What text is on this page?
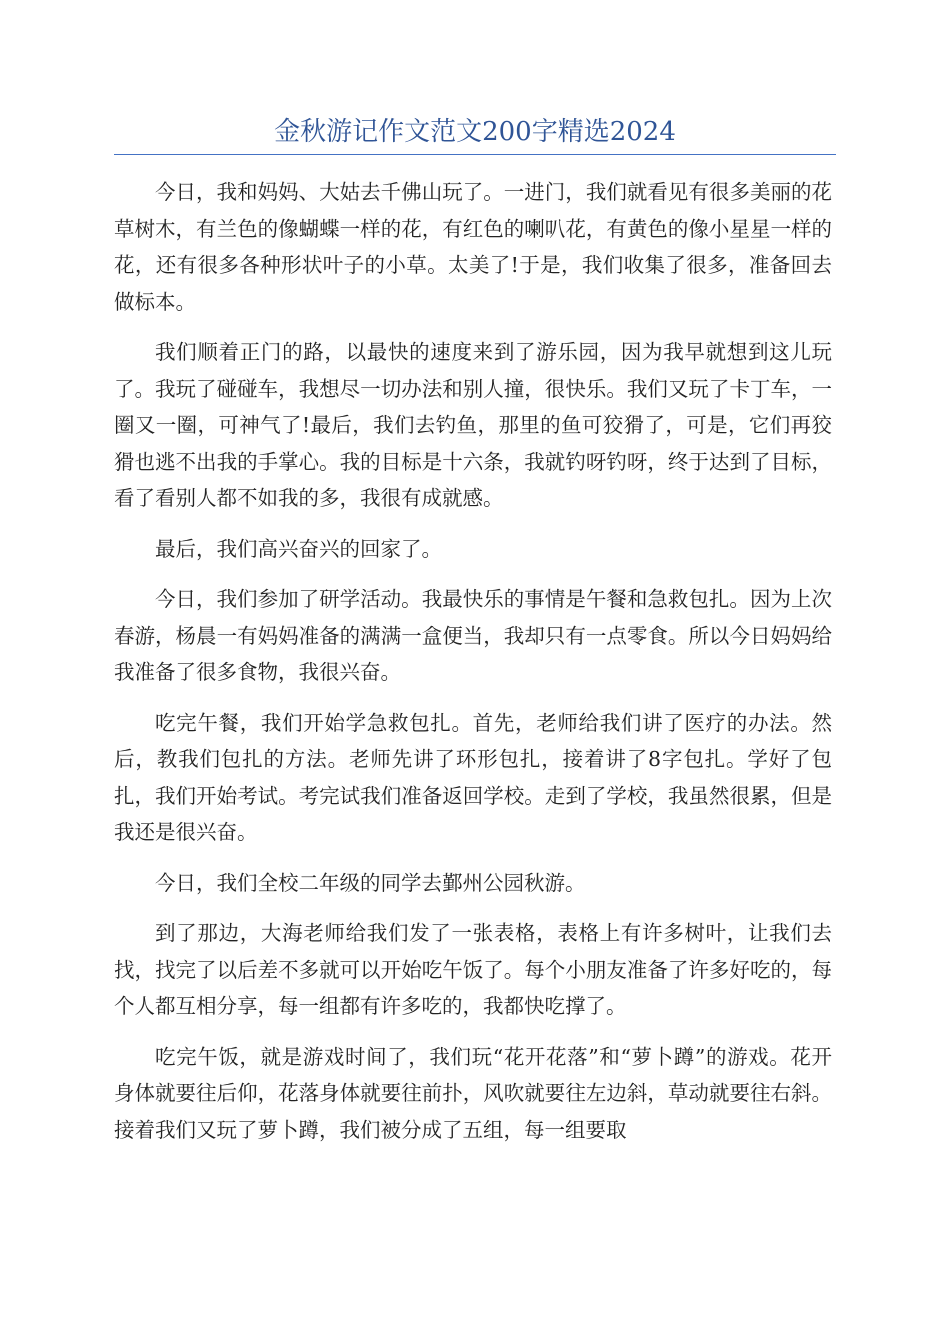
金秋游记作文范文200字精选2024

今日，我和妈妈、大姑去千佛山玩了。一进门，我们就看见有很多美丽的花草树木，有兰色的像蝴蝶一样的花，有红色的喇叭花，有黄色的像小星星一样的花，还有很多各种形状叶子的小草。太美了!于是，我们收集了很多，准备回去做标本。

我们顺着正门的路，以最快的速度来到了游乐园，因为我早就想到这儿玩了。我玩了碰碰车，我想尽一切办法和别人撞，很快乐。我们又玩了卡丁车，一圈又一圈，可神气了!最后，我们去钓鱼，那里的鱼可狡猾了，可是，它们再狡猾也逃不出我的手掌心。我的目标是十六条，我就钓呀钓呀，终于达到了目标，看了看别人都不如我的多，我很有成就感。

最后，我们高兴奋兴的回家了。

今日，我们参加了研学活动。我最快乐的事情是午餐和急救包扎。因为上次春游，杨晨一有妈妈准备的满满一盒便当，我却只有一点零食。所以今日妈妈给我准备了很多食物，我很兴奋。

吃完午餐，我们开始学急救包扎。首先，老师给我们讲了医疗的办法。然后，教我们包扎的方法。老师先讲了环形包扎，接着讲了8字包扎。学好了包扎，我们开始考试。考完试我们准备返回学校。走到了学校，我虽然很累，但是我还是很兴奋。

今日，我们全校二年级的同学去鄞州公园秋游。

到了那边，大海老师给我们发了一张表格，表格上有许多树叶，让我们去找，找完了以后差不多就可以开始吃午饭了。每个小朋友准备了许多好吃的，每个人都互相分享，每一组都有许多吃的，我都快吃撑了。

吃完午饭，就是游戏时间了，我们玩“花开花落”和“萝卜蹲”的游戏。花开身体就要往后仰，花落身体就要往前扑，风吹就要往左边斜，草动就要往右斜。接着我们又玩了萝卜蹲，我们被分成了五组，每一组要取
